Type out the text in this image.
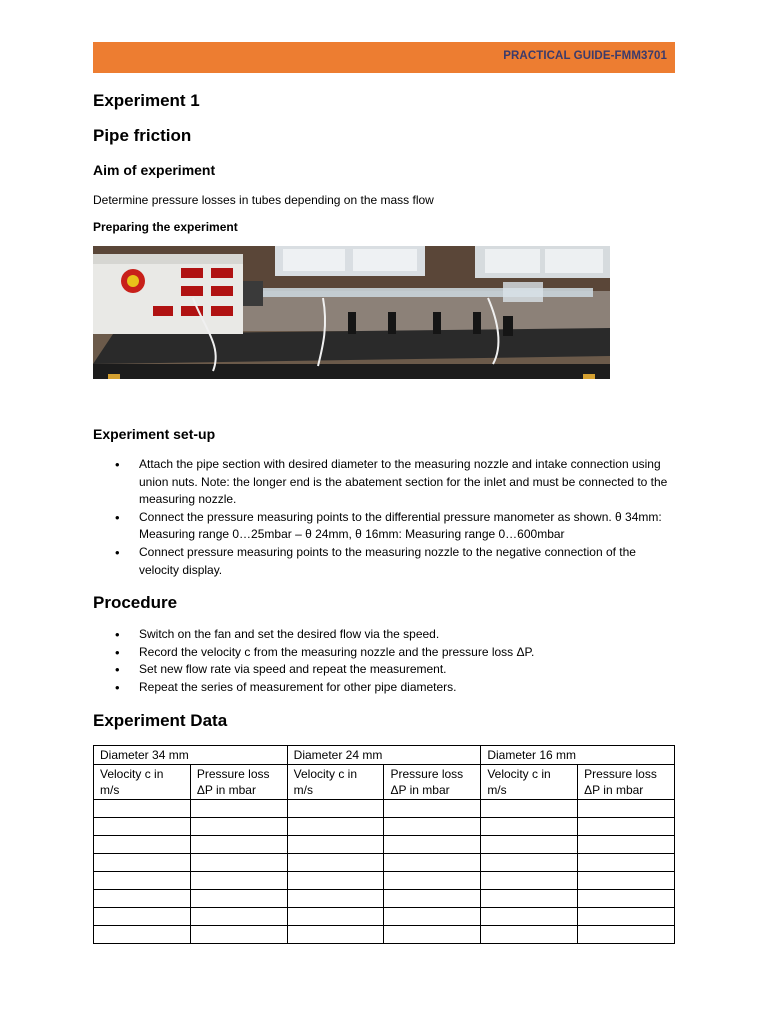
PRACTICAL GUIDE-FMM3701
Experiment 1
Pipe friction
Aim of experiment

Determine pressure losses in tubes depending on the mass flow

Preparing the experiment

Experiment set-up
• Attach the pipe section with desired diameter to the measuring nozzle and intake connection using union nuts. Note: the longer end is the abatement section for the inlet and must be connected to the measuring nozzle.
• Connect the pressure measuring points to the differential pressure manometer as shown. θ 34mm: Measuring range 0…25mbar – θ 24mm, θ 16mm: Measuring range 0…600mbar
• Connect pressure measuring points to the measuring nozzle to the negative connection of the velocity display.
Procedure
• Switch on the fan and set the desired flow via the speed.
• Record the velocity c from the measuring nozzle and the pressure loss ΔP.
• Set new flow rate via speed and repeat the measurement.
• Repeat the series of measurement for other pipe diameters.
Experiment Data
Diameter 34 mm		Diameter 24 mm		Diameter 16 mm	
Velocity c in m/s	Pressure loss ΔP in mbar	Velocity c in m/s	Pressure loss ΔP in mbar	Velocity c in m/s	Pressure loss ΔP in mbar
